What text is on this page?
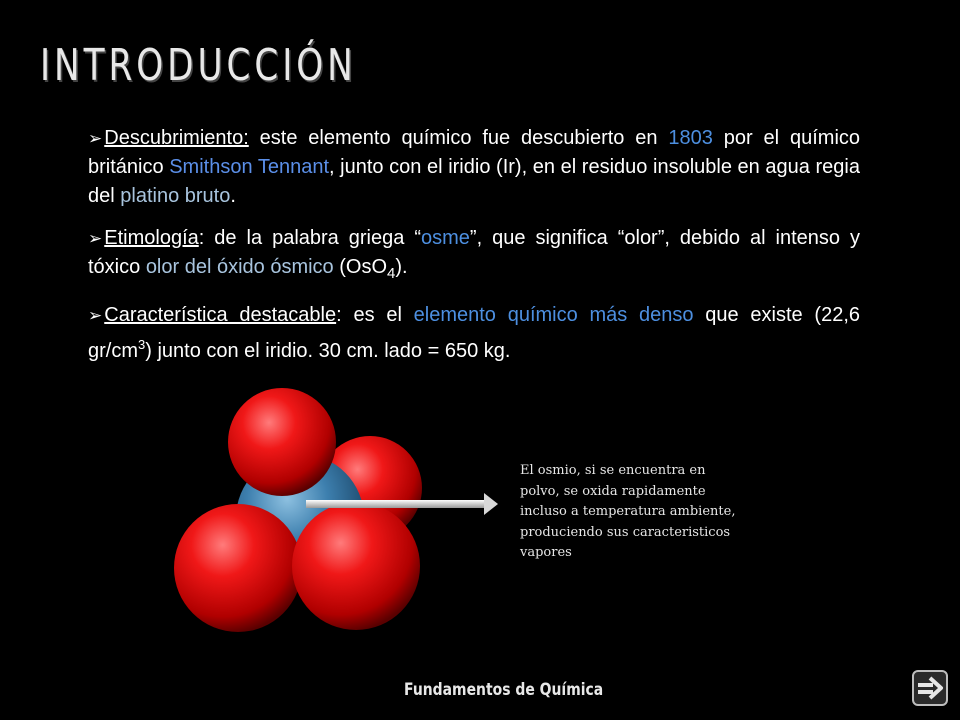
INTRODUCCIÓN

➢ Descubrimiento: este elemento químico fue descubierto en 1803 por el químico británico Smithson Tennant, junto con el iridio (Ir), en el residuo insoluble en agua regia del platino bruto.

➢ Etimología: de la palabra griega “osme”, que significa “olor”, debido al intenso y tóxico olor del óxido ósmico (OsO$_4$).

➢ Característica destacable: es el elemento químico más denso que existe (22,6 $gr/cm^3$) junto con el iridio. 30 cm. lado = 650 kg.

El osmio, si se encuentra en
polvo, se oxida rapidamente
incluso a temperatura ambiente,
produciendo sus caracteristicos
vapores
Fundamentos de Química
